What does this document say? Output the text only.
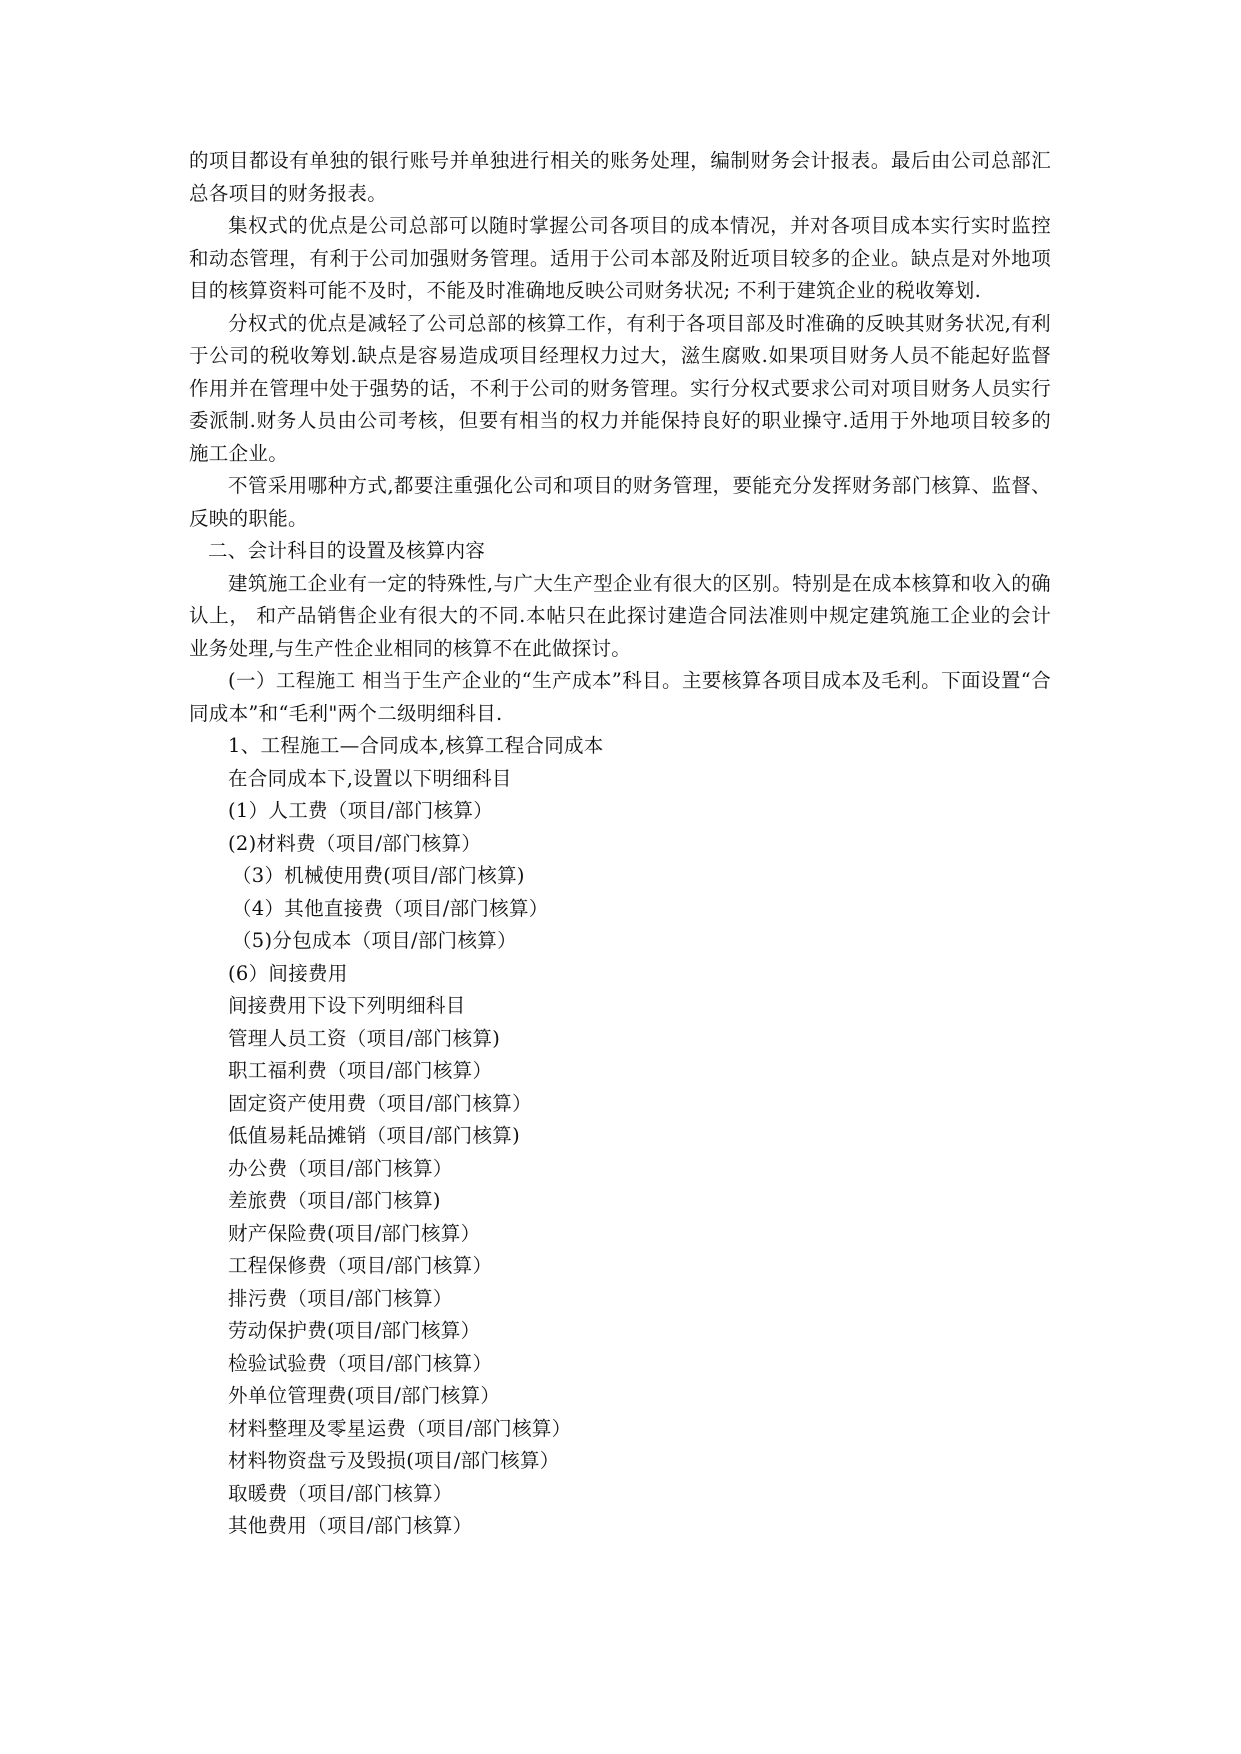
的项目都设有单独的银行账号并单独进行相关的账务处理，编制财务会计报表。最后由公司总部汇总各项目的财务报表。

集权式的优点是公司总部可以随时掌握公司各项目的成本情况，并对各项目成本实行实时监控和动态管理，有利于公司加强财务管理。适用于公司本部及附近项目较多的企业。缺点是对外地项目的核算资料可能不及时，不能及时准确地反映公司财务状况; 不利于建筑企业的税收筹划.

分权式的优点是减轻了公司总部的核算工作，有利于各项目部及时准确的反映其财务状况,有利于公司的税收筹划.缺点是容易造成项目经理权力过大，滋生腐败.如果项目财务人员不能起好监督作用并在管理中处于强势的话，不利于公司的财务管理。实行分权式要求公司对项目财务人员实行委派制.财务人员由公司考核，但要有相当的权力并能保持良好的职业操守.适用于外地项目较多的施工企业。

不管采用哪种方式,都要注重强化公司和项目的财务管理，要能充分发挥财务部门核算、监督、反映的职能。

二、会计科目的设置及核算内容

建筑施工企业有一定的特殊性,与广大生产型企业有很大的区别。特别是在成本核算和收入的确认上， 和产品销售企业有很大的不同.本帖只在此探讨建造合同法准则中规定建筑施工企业的会计业务处理,与生产性企业相同的核算不在此做探讨。

(一）工程施工 相当于生产企业的“生产成本”科目。主要核算各项目成本及毛利。下面设置“合同成本”和“毛利"两个二级明细科目.

1、工程施工—合同成本,核算工程合同成本

在合同成本下,设置以下明细科目

(1）人工费（项目/部门核算）

(2)材料费（项目/部门核算）

（3）机械使用费(项目/部门核算)

（4）其他直接费（项目/部门核算）

（5)分包成本（项目/部门核算）

(6）间接费用

间接费用下设下列明细科目

管理人员工资（项目/部门核算)

职工福利费（项目/部门核算）

固定资产使用费（项目/部门核算）

低值易耗品摊销（项目/部门核算)

办公费（项目/部门核算）

差旅费（项目/部门核算)

财产保险费(项目/部门核算）

工程保修费（项目/部门核算）

排污费（项目/部门核算）

劳动保护费(项目/部门核算）

检验试验费（项目/部门核算）

外单位管理费(项目/部门核算）

材料整理及零星运费（项目/部门核算）

材料物资盘亏及毁损(项目/部门核算）

取暖费（项目/部门核算）

其他费用（项目/部门核算）
